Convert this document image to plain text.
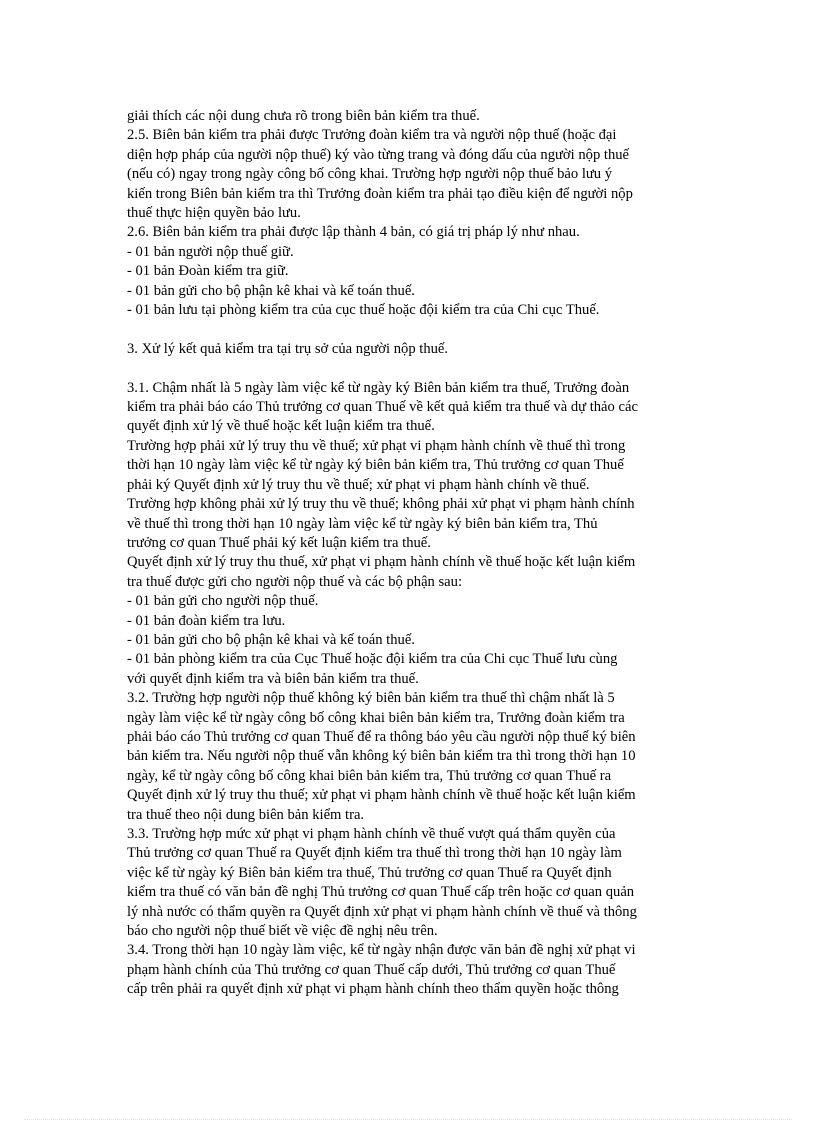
giải thích các nội dung chưa rõ trong biên bản kiểm tra thuế.
2.5. Biên bản kiểm tra phải được Trưởng đoàn kiểm tra và người nộp thuế (hoặc đại
diện hợp pháp của người nộp thuế) ký vào từng trang và đóng dấu của người nộp thuế
(nếu có) ngay trong ngày công bố công khai. Trường hợp người nộp thuế bảo lưu ý
kiến trong Biên bản kiểm tra thì Trưởng đoàn kiểm tra phải tạo điều kiện để người nộp
thuế thực hiện quyền bảo lưu.
2.6. Biên bản kiểm tra phải được lập thành 4 bản, có giá trị pháp lý như nhau.
- 01 bản người nộp thuế giữ.
- 01 bản Đoàn kiểm tra giữ.
- 01 bản gửi cho bộ phận kê khai và kế toán thuế.
- 01 bản lưu tại phòng kiểm tra của cục thuế hoặc đội kiểm tra của Chi cục Thuế.
3. Xử lý kết quả kiểm tra tại trụ sở của người nộp thuế.
3.1. Chậm nhất là 5 ngày làm việc kể từ ngày ký Biên bản kiểm tra thuế, Trưởng đoàn
kiểm tra phải báo cáo Thủ trưởng cơ quan Thuế về kết quả kiểm tra thuế và dự thảo các
quyết định xử lý về thuế hoặc kết luận kiểm tra thuế.
Trường hợp phải xử lý truy thu về thuế; xử phạt vi phạm hành chính về thuế thì trong
thời hạn 10 ngày làm việc kể từ ngày ký biên bản kiểm tra, Thủ trưởng cơ quan Thuế
phải ký Quyết định xử lý truy thu về thuế; xử phạt vi phạm hành chính về thuế.
Trường hợp không phải xử lý truy thu về thuế; không phải xử phạt vi phạm hành chính
về thuế thì trong thời hạn 10 ngày làm việc kể từ ngày ký biên bản kiểm tra, Thủ
trưởng cơ quan Thuế phải ký kết luận kiểm tra thuế.
Quyết định xử lý truy thu thuế, xử phạt vi phạm hành chính về thuế hoặc kết luận kiểm
tra thuế được gửi cho người nộp thuế và các bộ phận sau:
- 01 bản gửi cho người nộp thuế.
- 01 bản đoàn kiểm tra lưu.
- 01 bản gửi cho bộ phận kê khai và kế toán thuế.
- 01 bản phòng kiểm tra của Cục Thuế hoặc đội kiểm tra của Chi cục Thuế lưu cùng
với quyết định kiểm tra và biên bản kiểm tra thuế.
3.2. Trường hợp người nộp thuế không ký biên bản kiểm tra thuế thì chậm nhất là 5
ngày làm việc kể từ ngày công bố công khai biên bản kiểm tra, Trưởng đoàn kiểm tra
phải báo cáo Thủ trưởng cơ quan Thuế để ra thông báo yêu cầu người nộp thuế ký biên
bản kiểm tra. Nếu người nộp thuế vẫn không ký biên bản kiểm tra thì trong thời hạn 10
ngày, kể từ ngày công bố công khai biên bản kiểm tra, Thủ trưởng cơ quan Thuế ra
Quyết định xử lý truy thu thuế; xử phạt vi phạm hành chính về thuế hoặc kết luận kiểm
tra thuế theo nội dung biên bản kiểm tra.
3.3. Trường hợp mức xử phạt vi phạm hành chính về thuế vượt quá thẩm quyền của
Thủ trưởng cơ quan Thuế ra Quyết định kiểm tra thuế thì trong thời hạn 10 ngày làm
việc kể từ ngày ký Biên bản kiểm tra thuế, Thủ trưởng cơ quan Thuế ra Quyết định
kiểm tra thuế có văn bản đề nghị Thủ trưởng cơ quan Thuế cấp trên hoặc cơ quan quản
lý nhà nước có thẩm quyền ra Quyết định xử phạt vi phạm hành chính về thuế và thông
báo cho người nộp thuế biết về việc đề nghị nêu trên.
3.4. Trong thời hạn 10 ngày làm việc, kể từ ngày nhận được văn bản đề nghị xử phạt vi
phạm hành chính của Thủ trưởng cơ quan Thuế cấp dưới, Thủ trưởng cơ quan Thuế
cấp trên phải ra quyết định xử phạt vi phạm hành chính theo thẩm quyền hoặc thông
